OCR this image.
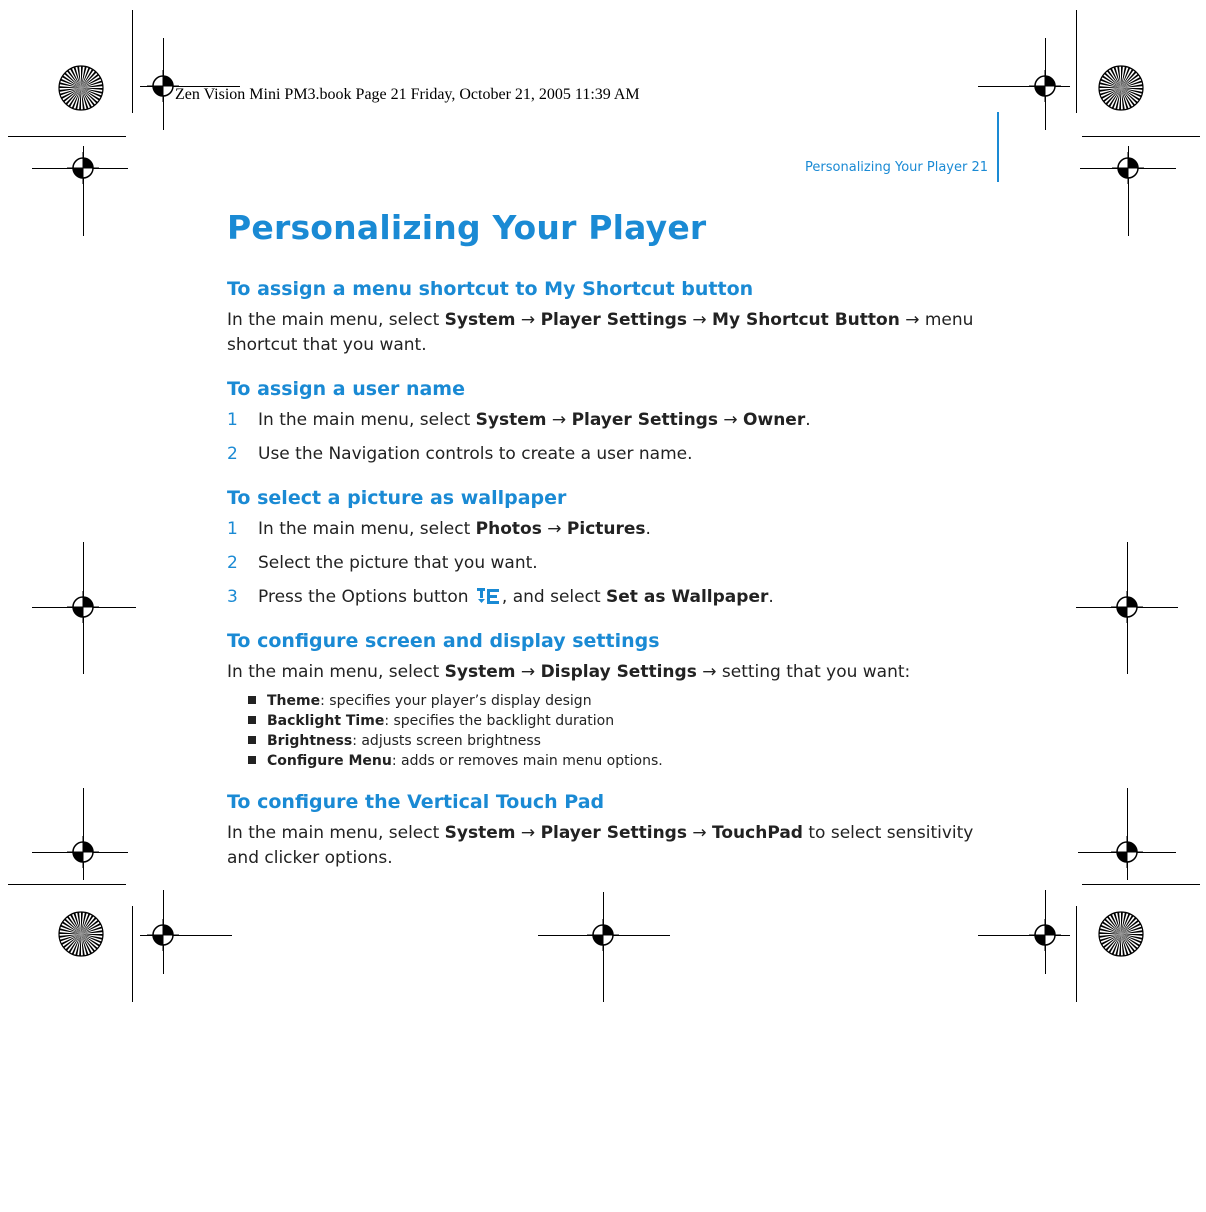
Zen Vision Mini PM3.book Page 21 Friday, October 21, 2005 11:39 AM
Personalizing Your Player 21
Personalizing Your Player
To assign a menu shortcut to My Shortcut button

In the main menu, select System → Player Settings → My Shortcut Button → menu shortcut that you want.

To assign a user name
1	In the main menu, select System → Player Settings → Owner.
2	Use the Navigation controls to create a user name.
To select a picture as wallpaper
1	In the main menu, select Photos → Pictures.
2	Select the picture that you want.
3	Press the Options button , and select Set as Wallpaper.
To configure screen and display settings

In the main menu, select System → Display Settings → setting that you want:

Theme: specifies your player’s display design
Backlight Time: specifies the backlight duration
Brightness: adjusts screen brightness
Configure Menu: adds or removes main menu options.
To configure the Vertical Touch Pad

In the main menu, select System → Player Settings → TouchPad to select sensitivity and clicker options.
